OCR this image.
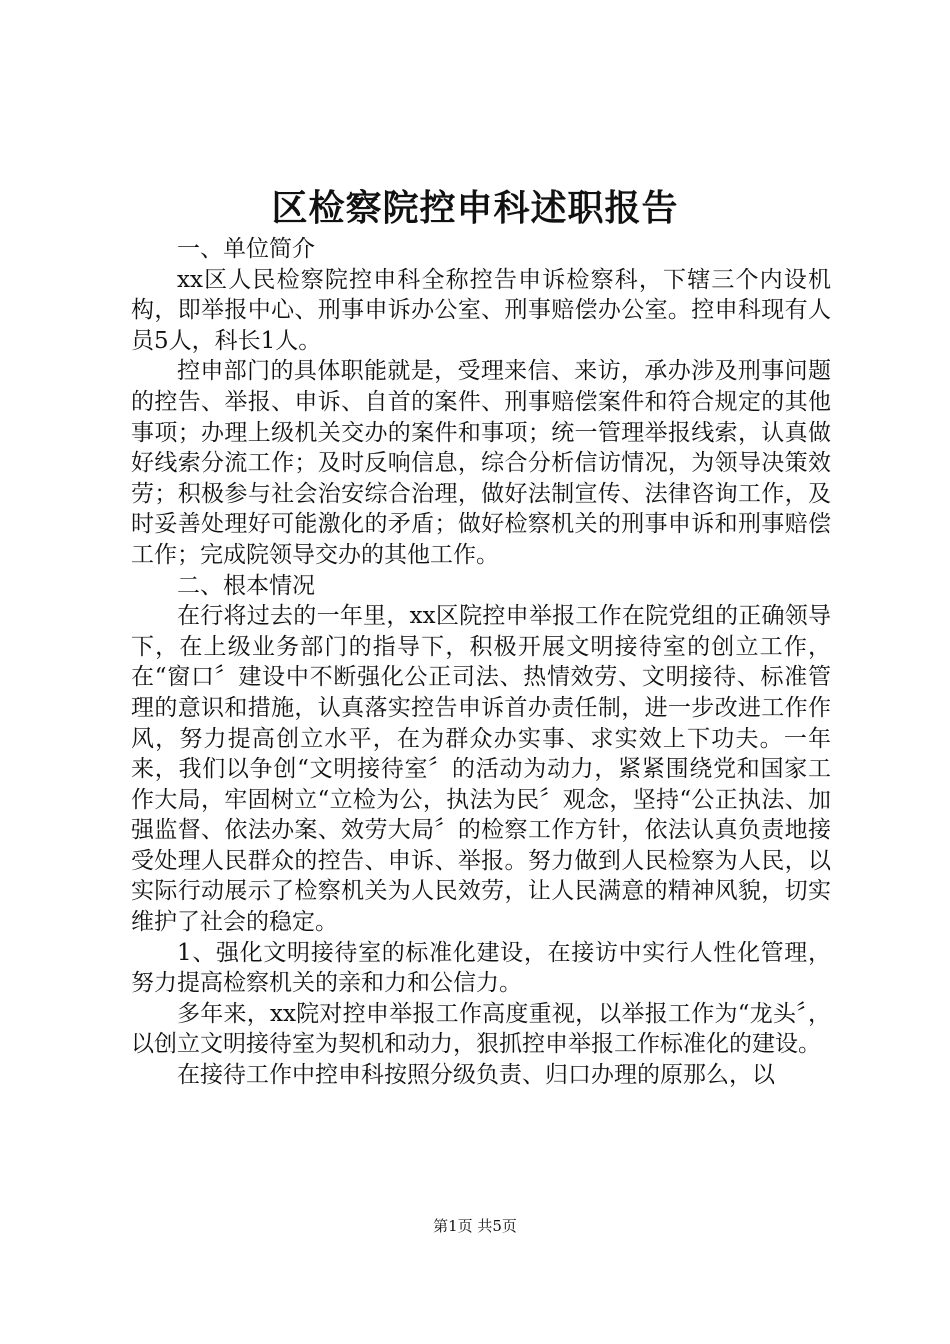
区检察院控申科述职报告

一、单位简介

xx区人民检察院控申科全称控告申诉检察科，下辖三个内设机构，即举报中心、刑事申诉办公室、刑事赔偿办公室。控申科现有人员5人，科长1人。

控申部门的具体职能就是，受理来信、来访，承办涉及刑事问题的控告、举报、申诉、自首的案件、刑事赔偿案件和符合规定的其他事项；办理上级机关交办的案件和事项；统一管理举报线索，认真做好线索分流工作；及时反响信息，综合分析信访情况，为领导决策效劳；积极参与社会治安综合治理，做好法制宣传、法律咨询工作，及时妥善处理好可能激化的矛盾；做好检察机关的刑事申诉和刑事赔偿工作；完成院领导交办的其他工作。

二、根本情况

在行将过去的一年里，xx区院控申举报工作在院党组的正确领导下，在上级业务部门的指导下，积极开展文明接待室的创立工作，在“窗口〞建设中不断强化公正司法、热情效劳、文明接待、标准管理的意识和措施，认真落实控告申诉首办责任制，进一步改进工作作风，努力提高创立水平，在为群众办实事、求实效上下功夫。一年来，我们以争创“文明接待室〞的活动为动力，紧紧围绕党和国家工作大局，牢固树立“立检为公，执法为民〞观念，坚持“公正执法、加强监督、依法办案、效劳大局〞的检察工作方针，依法认真负责地接受处理人民群众的控告、申诉、举报。努力做到人民检察为人民，以实际行动展示了检察机关为人民效劳，让人民满意的精神风貌，切实维护了社会的稳定。

1、强化文明接待室的标准化建设，在接访中实行人性化管理，努力提高检察机关的亲和力和公信力。

多年来，xx院对控申举报工作高度重视，以举报工作为“龙头〞，以创立文明接待室为契机和动力，狠抓控申举报工作标准化的建设。

在接待工作中控申科按照分级负责、归口办理的原那么，以

第1页 共5页
